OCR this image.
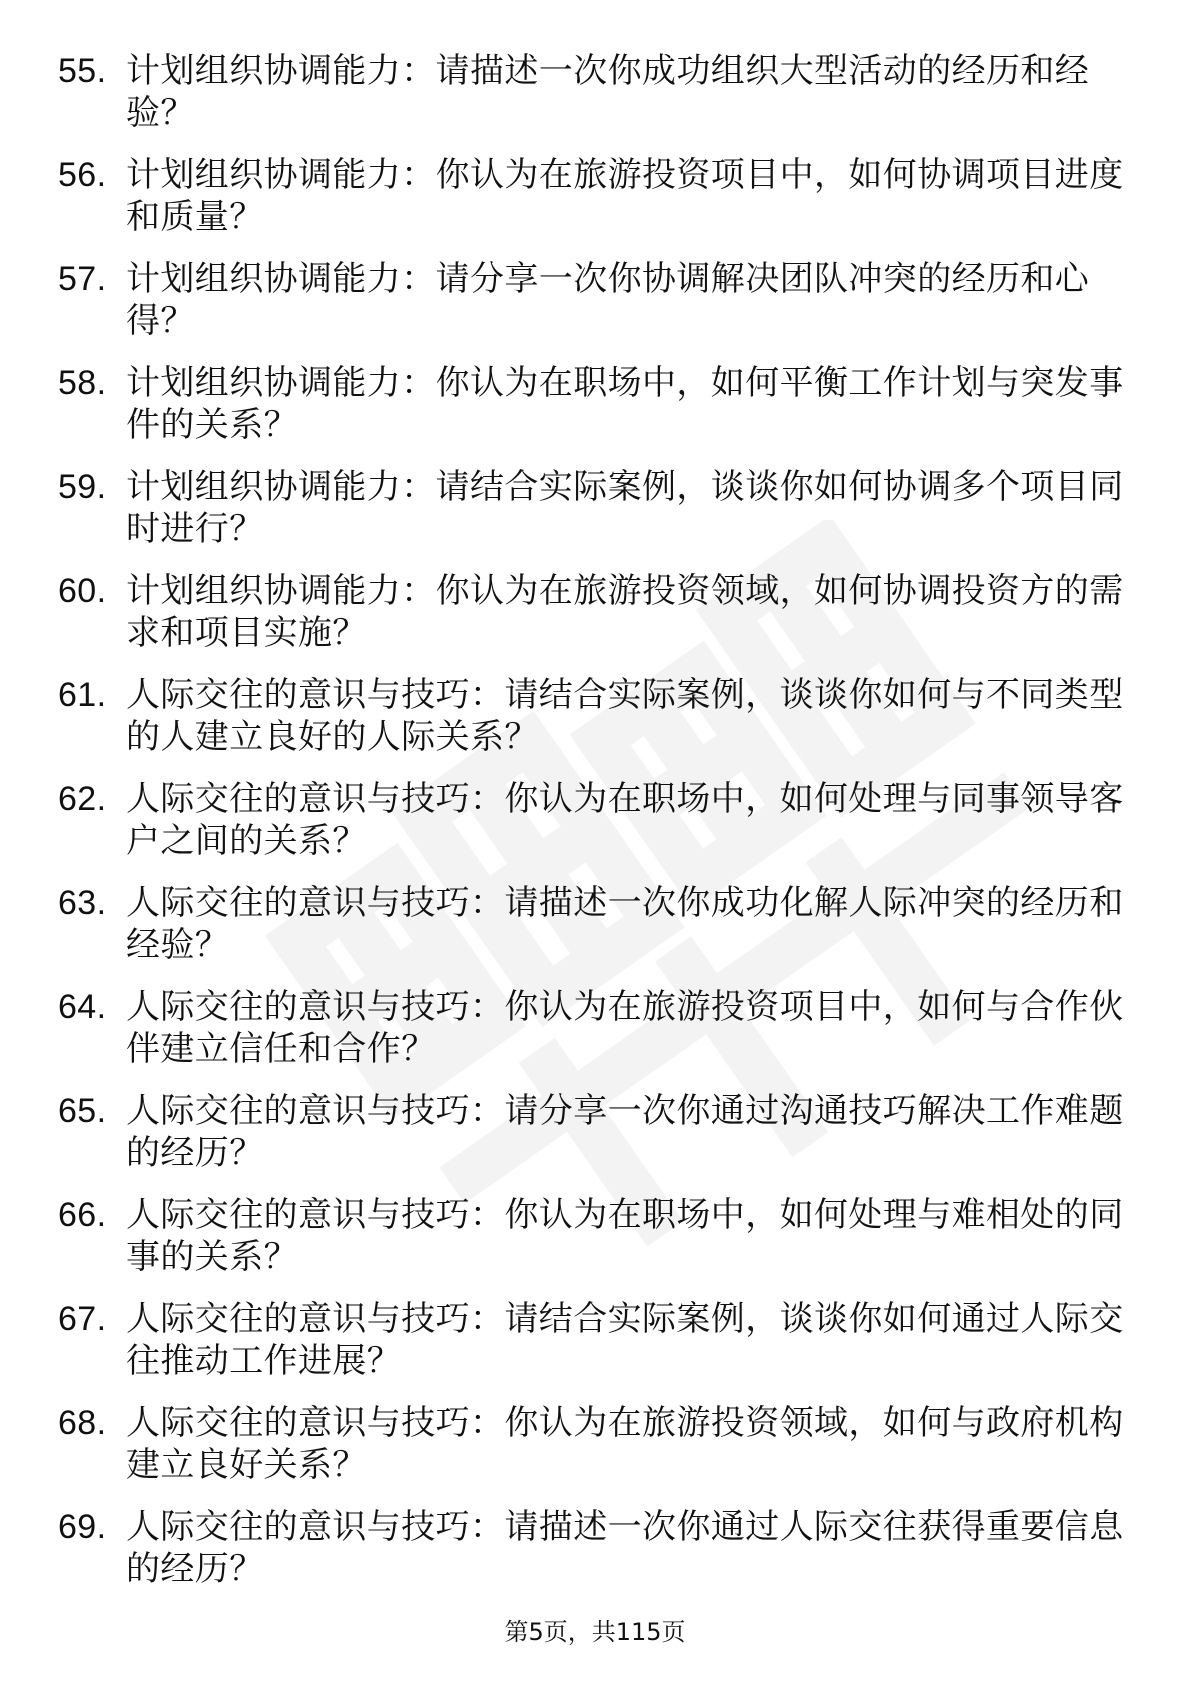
55. 计划组织协调能力：请描述一次你成功组织大型活动的经历和经验？
56. 计划组织协调能力：你认为在旅游投资项目中，如何协调项目进度和质量？
57. 计划组织协调能力：请分享一次你协调解决团队冲突的经历和心得？
58. 计划组织协调能力：你认为在职场中，如何平衡工作计划与突发事件的关系？
59. 计划组织协调能力：请结合实际案例，谈谈你如何协调多个项目同时进行？
60. 计划组织协调能力：你认为在旅游投资领域，如何协调投资方的需求和项目实施？
61. 人际交往的意识与技巧：请结合实际案例，谈谈你如何与不同类型的人建立良好的人际关系？
62. 人际交往的意识与技巧：你认为在职场中，如何处理与同事领导客户之间的关系？
63. 人际交往的意识与技巧：请描述一次你成功化解人际冲突的经历和经验？
64. 人际交往的意识与技巧：你认为在旅游投资项目中，如何与合作伙伴建立信任和合作？
65. 人际交往的意识与技巧：请分享一次你通过沟通技巧解决工作难题的经历？
66. 人际交往的意识与技巧：你认为在职场中，如何处理与难相处的同事的关系？
67. 人际交往的意识与技巧：请结合实际案例，谈谈你如何通过人际交往推动工作进展？
68. 人际交往的意识与技巧：你认为在旅游投资领域，如何与政府机构建立良好关系？
69. 人际交往的意识与技巧：请描述一次你通过人际交往获得重要信息的经历？
第5页，共115页
